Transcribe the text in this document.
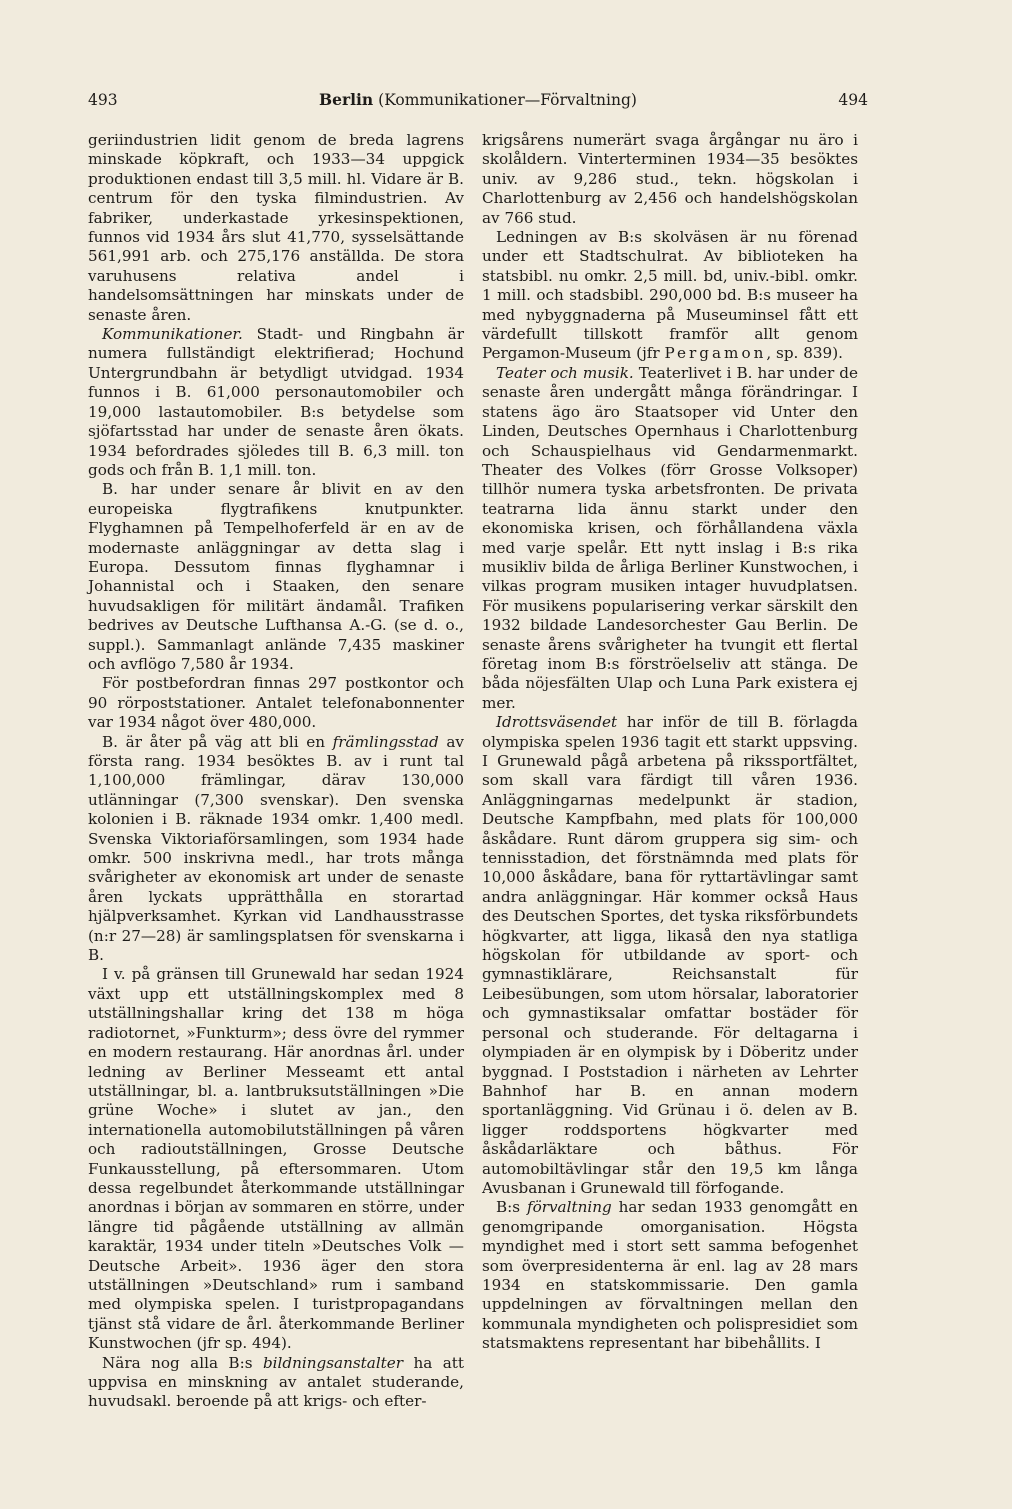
493	Berlin (Kommunikationer—Förvaltning)	494

geriindustrien lidit genom de breda lagrens minskade köpkraft, och 1933—34 uppgick produktionen endast till 3,5 mill. hl. Vidare är B. centrum för den tyska filmindustrien. Av fabriker, underkastade yrkesinspektionen, funnos vid 1934 års slut 41,770, sysselsättande 561,991 arb. och 275,176 anställda. De stora varuhusens relativa andel i handelsomsättningen har minskats under de senaste åren.

Kommunikationer. Stadt- und Ringbahn är numera fullständigt elektrifierad; Hochund Untergrundbahn är betydligt utvidgad. 1934 funnos i B. 61,000 personautomobiler och 19,000 lastautomobiler. B:s betydelse som sjöfartsstad har under de senaste åren ökats. 1934 befordrades sjöledes till B. 6,3 mill. ton gods och från B. 1,1 mill. ton.

B. har under senare år blivit en av den europeiska flygtrafikens knutpunkter. Flyghamnen på Tempelhoferfeld är en av de modernaste anläggningar av detta slag i Europa. Dessutom finnas flyghamnar i Johannistal och i Staaken, den senare huvudsakligen för militärt ändamål. Trafiken bedrives av Deutsche Lufthansa A.-G. (se d. o., suppl.). Sammanlagt anlände 7,435 maskiner och avflögo 7,580 år 1934.

För postbefordran finnas 297 postkontor och 90 rörpoststationer. Antalet telefonabonnenter var 1934 något över 480,000.

B. är åter på väg att bli en främlingsstad av första rang. 1934 besöktes B. av i runt tal 1,100,000 främlingar, därav 130,000 utlänningar (7,300 svenskar). Den svenska kolonien i B. räknade 1934 omkr. 1,400 medl. Svenska Viktoriaförsamlingen, som 1934 hade omkr. 500 inskrivna medl., har trots många svårigheter av ekonomisk art under de senaste åren lyckats upprätthålla en storartad hjälpverksamhet. Kyrkan vid Landhausstrasse (n:r 27—28) är samlingsplatsen för svenskarna i B.

I v. på gränsen till Grunewald har sedan 1924 växt upp ett utställningskomplex med 8 utställningshallar kring det 138 m höga radiotornet, »Funkturm»; dess övre del rymmer en modern restaurang. Här anordnas årl. under ledning av Berliner Messeamt ett antal utställningar, bl. a. lantbruksutställningen »Die grüne Woche» i slutet av jan., den internationella automobilutställningen på våren och radioutställningen, Grosse Deutsche Funkausstellung, på eftersommaren. Utom dessa regelbundet återkommande utställningar anordnas i början av sommaren en större, under längre tid pågående utställning av allmän karaktär, 1934 under titeln »Deutsches Volk — Deutsche Arbeit». 1936 äger den stora utställningen »Deutschland» rum i samband med olympiska spelen. I turistpropagandans tjänst stå vidare de årl. återkommande Berliner Kunstwochen (jfr sp. 494).

Nära nog alla B:s bildningsanstalter ha att uppvisa en minskning av antalet studerande, huvudsakl. beroende på att krigs- och efter-

krigsårens numerärt svaga årgångar nu äro i skolåldern. Vinterterminen 1934—35 besöktes univ. av 9,286 stud., tekn. högskolan i Charlottenburg av 2,456 och handelshögskolan av 766 stud.

Ledningen av B:s skolväsen är nu förenad under ett Stadtschulrat. Av biblioteken ha statsbibl. nu omkr. 2,5 mill. bd, univ.-bibl. omkr. 1 mill. och stadsbibl. 290,000 bd. B:s museer ha med nybyggnaderna på Museuminsel fått ett värdefullt tillskott framför allt genom Pergamon-Museum (jfr Pergamon, sp. 839).

Teater och musik. Teaterlivet i B. har under de senaste åren undergått många förändringar. I statens ägo äro Staatsoper vid Unter den Linden, Deutsches Opernhaus i Charlottenburg och Schauspielhaus vid Gendarmenmarkt. Theater des Volkes (förr Grosse Volksoper) tillhör numera tyska arbetsfronten. De privata teatrarna lida ännu starkt under den ekonomiska krisen, och förhållandena växla med varje spelår. Ett nytt inslag i B:s rika musikliv bilda de årliga Berliner Kunstwochen, i vilkas program musiken intager huvudplatsen. För musikens popularisering verkar särskilt den 1932 bildade Landesorchester Gau Berlin. De senaste årens svårigheter ha tvungit ett flertal företag inom B:s förströelseliv att stänga. De båda nöjesfälten Ulap och Luna Park existera ej mer.

Idrottsväsendet har inför de till B. förlagda olympiska spelen 1936 tagit ett starkt uppsving. I Grunewald pågå arbetena på rikssportfältet, som skall vara färdigt till våren 1936. Anläggningarnas medelpunkt är stadion, Deutsche Kampfbahn, med plats för 100,000 åskådare. Runt därom gruppera sig sim- och tennisstadion, det förstnämnda med plats för 10,000 åskådare, bana för ryttartävlingar samt andra anläggningar. Här kommer också Haus des Deutschen Sportes, det tyska riksförbundets högkvarter, att ligga, likaså den nya statliga högskolan för utbildande av sport- och gymnastiklärare, Reichsanstalt für Leibesübungen, som utom hörsalar, laboratorier och gymnastiksalar omfattar bostäder för personal och studerande. För deltagarna i olympiaden är en olympisk by i Döberitz under byggnad. I Poststadion i närheten av Lehrter Bahnhof har B. en annan modern sportanläggning. Vid Grünau i ö. delen av B. ligger roddsportens högkvarter med åskådarläktare och båthus. För automobiltävlingar står den 19,5 km långa Avusbanan i Grunewald till förfogande.

B:s förvaltning har sedan 1933 genomgått en genomgripande omorganisation. Högsta myndighet med i stort sett samma befogenhet som överpresidenterna är enl. lag av 28 mars 1934 en statskommissarie. Den gamla uppdelningen av förvaltningen mellan den kommunala myndigheten och polispresidiet som statsmaktens representant har bibehållits. I
